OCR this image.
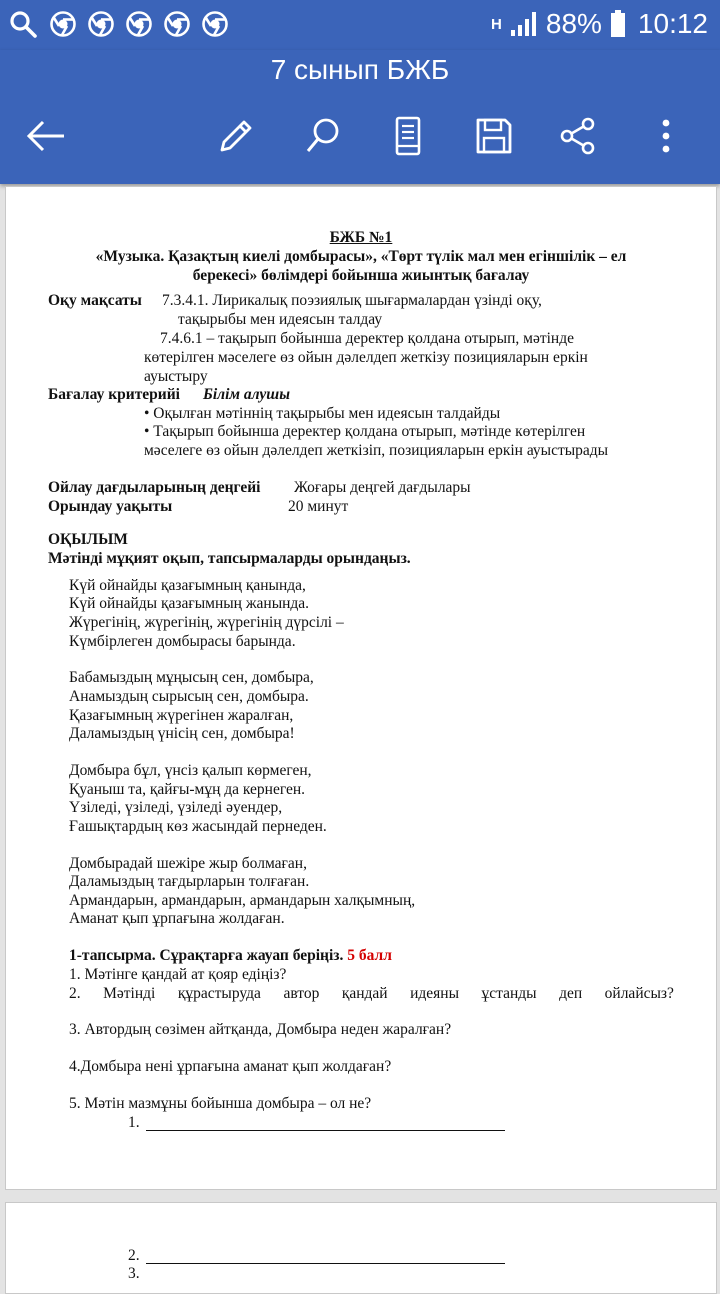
H 88% 10:12
7 сынып БЖБ
БЖБ №1
«Музыка. Қазақтың киелі домбырасы», «Төрт түлік мал мен егіншілік – ел
берекесі» бөлімдері бойынша жиынтық бағалау
Оқу мақсаты 7.3.4.1. Лирикалық поэзиялық шығармалардан үзінді оқу,
тақырыбы мен идеясын талдау
7.4.6.1 – тақырып бойынша деректер қолдана отырып, мәтінде
көтерілген мәселеге өз ойын дәлелдеп жеткізу позицияларын еркін
ауыстыру
Бағалау критерийі Білім алушы
• Оқылған мәтіннің тақырыбы мен идеясын талдайды
• Тақырып бойынша деректер қолдана отырып, мәтінде көтерілген
мәселеге өз ойын дәлелдеп жеткізіп, позицияларын еркін ауыстырады
Ойлау дағдыларының деңгейі Жоғары деңгей дағдылары
Орындау уақыты	20 минут
ОҚЫЛЫМ
Мәтінді мұқият оқып, тапсырмаларды орындаңыз.
Күй ойнайды қазағымның қанында,
Күй ойнайды қазағымның жанында.
Жүрегінің, жүрегінің, жүрегінің дүрсілі –
Күмбірлеген домбырасы барында.
Бабамыздың мұңысың сен, домбыра,
Анамыздың сырысың сен, домбыра.
Қазағымның жүрегінен жаралған,
Даламыздың үнісің сен, домбыра!
Домбыра бұл, үнсіз қалып көрмеген,
Қуаныш та, қайғы-мұң да кернеген.
Үзіледі, үзіледі, үзіледі әуендер,
Ғашықтардың көз жасындай пернеден.
Домбырадай шежіре жыр болмаған,
Даламыздың тағдырларын толғаған.
Армандарын, армандарын, армандарын халқымның,
Аманат қып ұрпағына жолдаған.
1-тапсырма. Сұрақтарға жауап беріңіз. 5 балл
1. Мәтінге қандай ат қояр едіңіз?
2. Мәтінді құрастыруда автор қандай идеяны ұстанды деп ойлайсыз?
3. Автордың сөзімен айтқанда, Домбыра неден жаралған?
4.Домбыра нені ұрпағына аманат қып жолдаған?
5. Мәтін мазмұны бойынша домбыра – ол не?
1.
2.
3.
